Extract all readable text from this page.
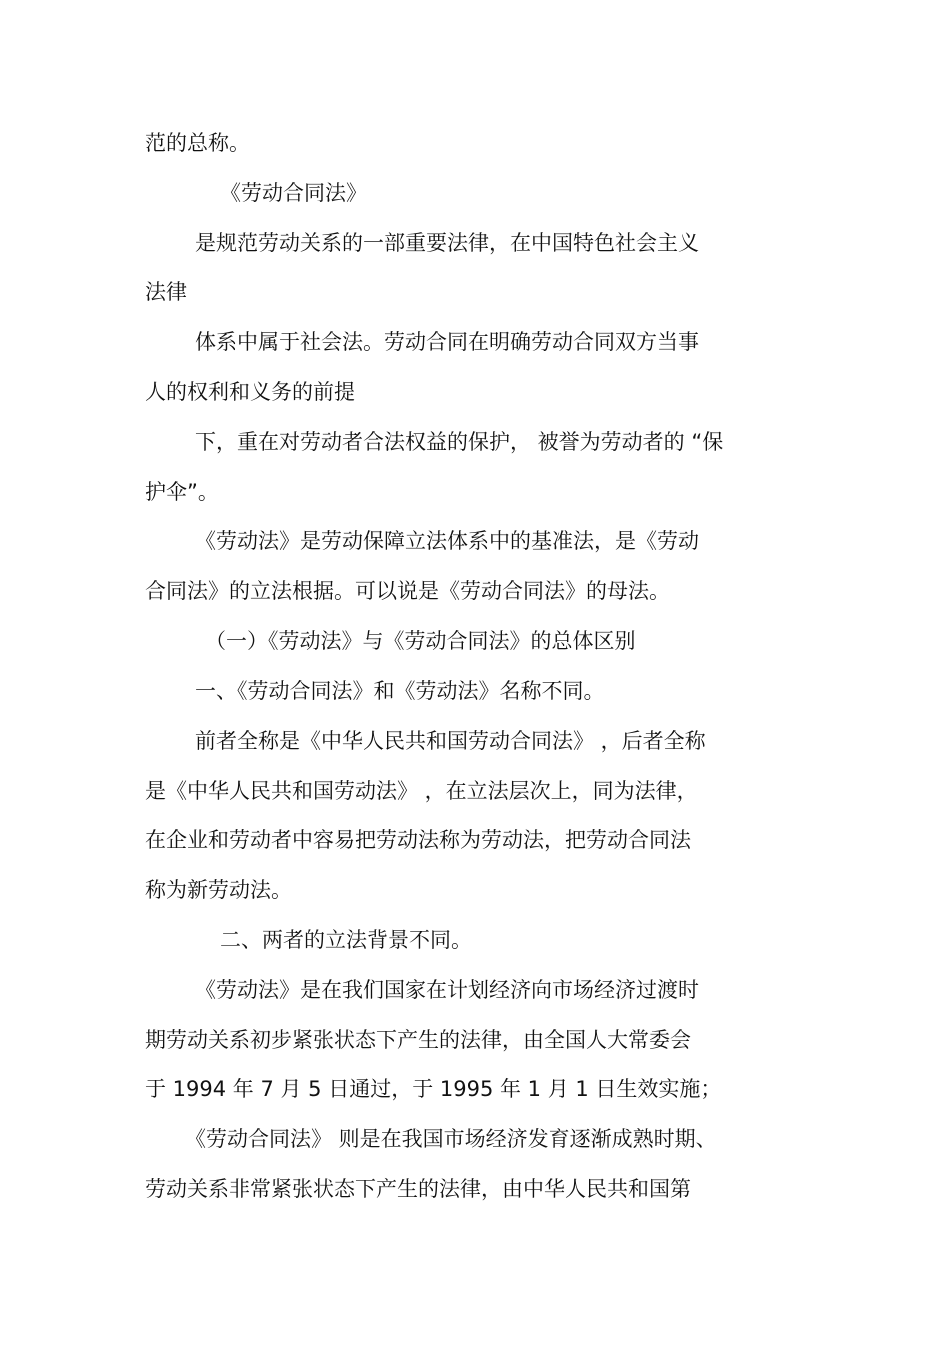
范的总称。
《劳动合同法》
是规范劳动关系的一部重要法律，在中国特色社会主义
法律
体系中属于社会法。劳动合同在明确劳动合同双方当事
人的权利和义务的前提
下，重在对劳动者合法权益的保护， 被誉为劳动者的 “保
护伞”。
《劳动法》是劳动保障立法体系中的基准法，是《劳动
合同法》的立法根据。可以说是《劳动合同法》的母法。
（一）《劳动法》与《劳动合同法》的总体区别
一、《劳动合同法》和《劳动法》名称不同。
前者全称是《中华人民共和国劳动合同法》 ，后者全称
是《中华人民共和国劳动法》 ，在立法层次上，同为法律，
在企业和劳动者中容易把劳动法称为劳动法，把劳动合同法
称为新劳动法。
二、两者的立法背景不同。
《劳动法》是在我们国家在计划经济向市场经济过渡时
期劳动关系初步紧张状态下产生的法律，由全国人大常委会
于 1994 年 7 月 5 日通过，于 1995 年 1 月 1 日生效实施；
《劳动合同法》 则是在我国市场经济发育逐渐成熟时期、
劳动关系非常紧张状态下产生的法律，由中华人民共和国第
